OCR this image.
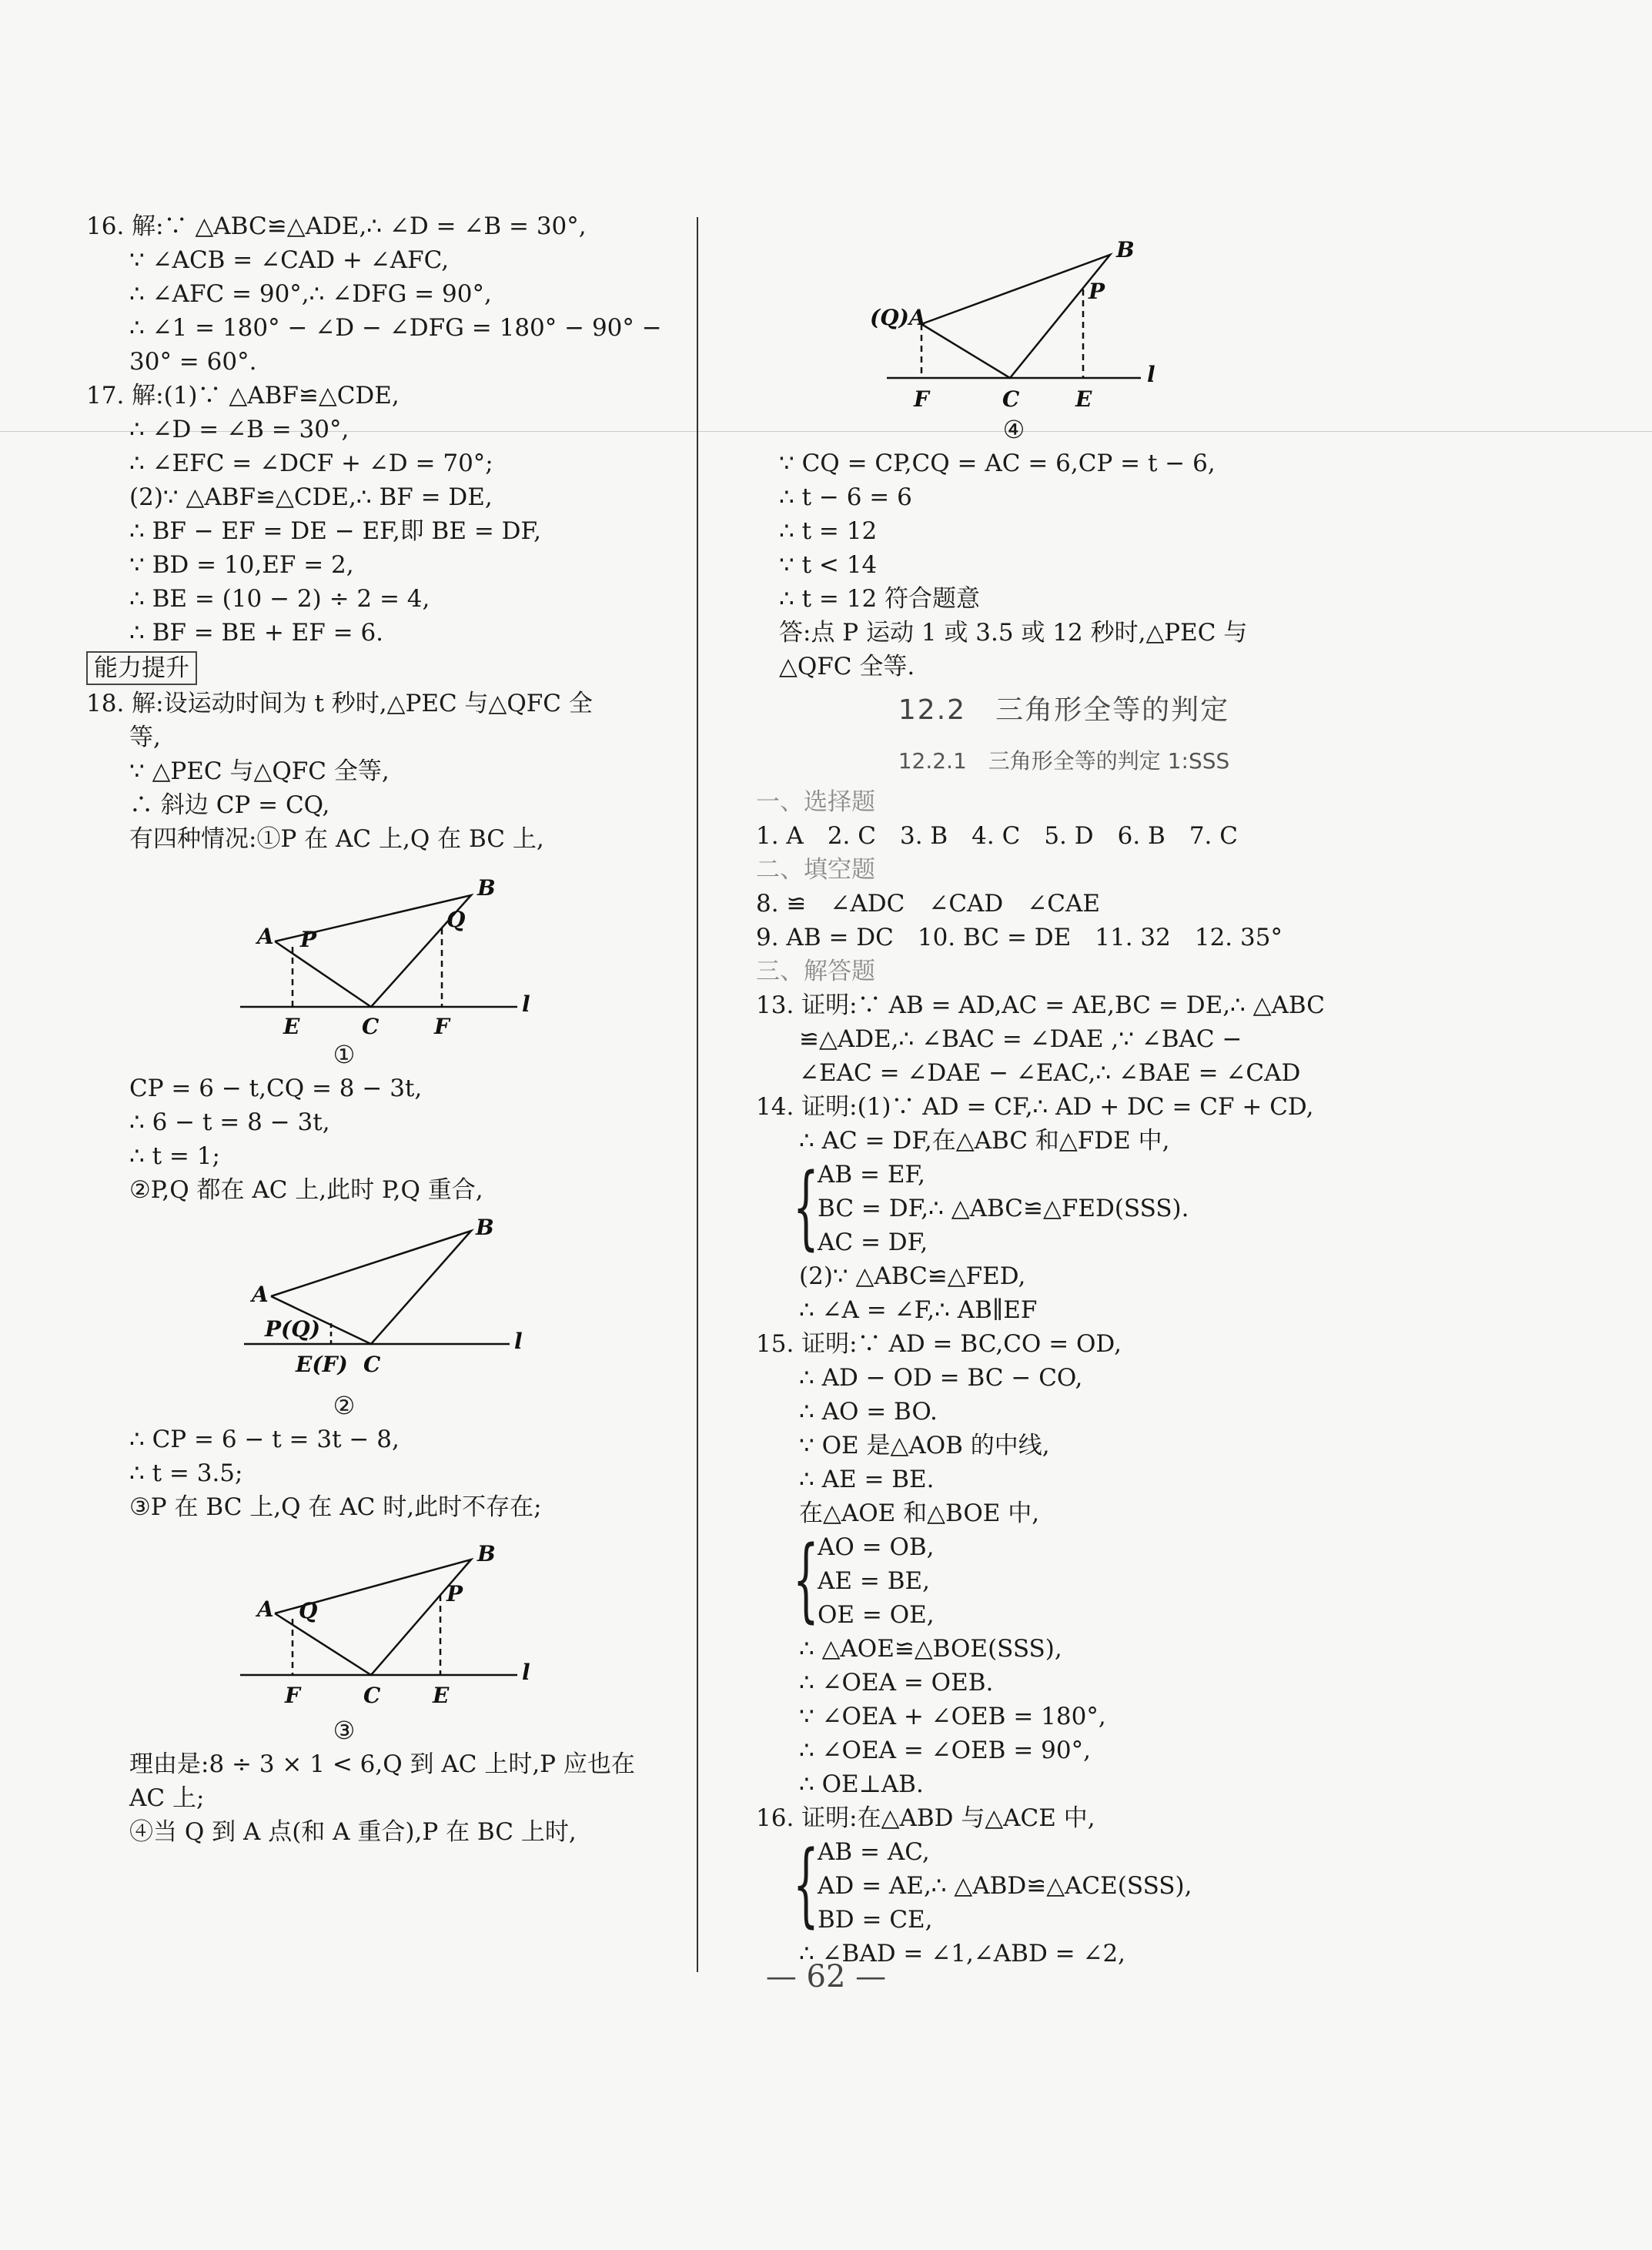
16. 解:∵ △ABC≌△ADE,∴ ∠D = ∠B = 30°,
∵ ∠ACB = ∠CAD + ∠AFC,
∴ ∠AFC = 90°,∴ ∠DFG = 90°,
∴ ∠1 = 180° − ∠D − ∠DFG = 180° − 90° −
30° = 60°.
17. 解:(1)∵ △ABF≌△CDE,
∴ ∠D = ∠B = 30°,
∴ ∠EFC = ∠DCF + ∠D = 70°;
(2)∵ △ABF≌△CDE,∴ BF = DE,
∴ BF − EF = DE − EF,即 BE = DF,
∵ BD = 10,EF = 2,
∴ BE = (10 − 2) ÷ 2 = 4,
∴ BF = BE + EF = 6.
能力提升
18. 解:设运动时间为 t 秒时,△PEC 与△QFC 全
等,
∵ △PEC 与△QFC 全等,
∴ 斜边 CP = CQ,
有四种情况:①P 在 AC 上,Q 在 BC 上,
A
B
C
E	F
P
Q
l
①
CP = 6 − t,CQ = 8 − 3t,
∴ 6 − t = 8 − 3t,
∴ t = 1;
②P,Q 都在 AC 上,此时 P,Q 重合,
A
B
C
P(Q)
E(F)
l
②
∴ CP = 6 − t = 3t − 8,
∴ t = 3.5;
③P 在 BC 上,Q 在 AC 时,此时不存在;
A
B
C
F	E
Q
P
l
③
理由是:8 ÷ 3 × 1 < 6,Q 到 AC 上时,P 应也在
AC 上;
④当 Q 到 A 点(和 A 重合),P 在 BC 上时,
(Q)A
B
C
F	E
P
l
④
∵ CQ = CP,CQ = AC = 6,CP = t − 6,
∴ t − 6 = 6
∴ t = 12
∵ t < 14
∴ t = 12 符合题意
答:点 P 运动 1 或 3.5 或 12 秒时,△PEC 与
△QFC 全等.
12.2　三角形全等的判定
12.2.1　三角形全等的判定 1:SSS
一、选择题
1. A　2. C　3. B　4. C　5. D　6. B　7. C
二、填空题
8. ≌　∠ADC　∠CAD　∠CAE
9. AB = DC　10. BC = DE　11. 32　12. 35°
三、解答题
13. 证明:∵ AB = AD,AC = AE,BC = DE,∴ △ABC
≌△ADE,∴ ∠BAC = ∠DAE ,∵ ∠BAC −
∠EAC = ∠DAE − ∠EAC,∴ ∠BAE = ∠CAD
14. 证明:(1)∵ AD = CF,∴ AD + DC = CF + CD,
∴ AC = DF,在△ABC 和△FDE 中,
{
AB = EF,
BC = DF,∴ △ABC≌△FED(SSS).
AC = DF,
(2)∵ △ABC≌△FED,
∴ ∠A = ∠F,∴ AB∥EF
15. 证明:∵ AD = BC,CO = OD,
∴ AD − OD = BC − CO,
∴ AO = BO.
∵ OE 是△AOB 的中线,
∴ AE = BE.
在△AOE 和△BOE 中,
{
AO = OB,
AE = BE,
OE = OE,
∴ △AOE≌△BOE(SSS),
∴ ∠OEA = OEB.
∵ ∠OEA + ∠OEB = 180°,
∴ ∠OEA = ∠OEB = 90°,
∴ OE⊥AB.
16. 证明:在△ABD 与△ACE 中,
{
AB = AC,
AD = AE,∴ △ABD≌△ACE(SSS),
BD = CE,
∴ ∠BAD = ∠1,∠ABD = ∠2,
— 62 —
